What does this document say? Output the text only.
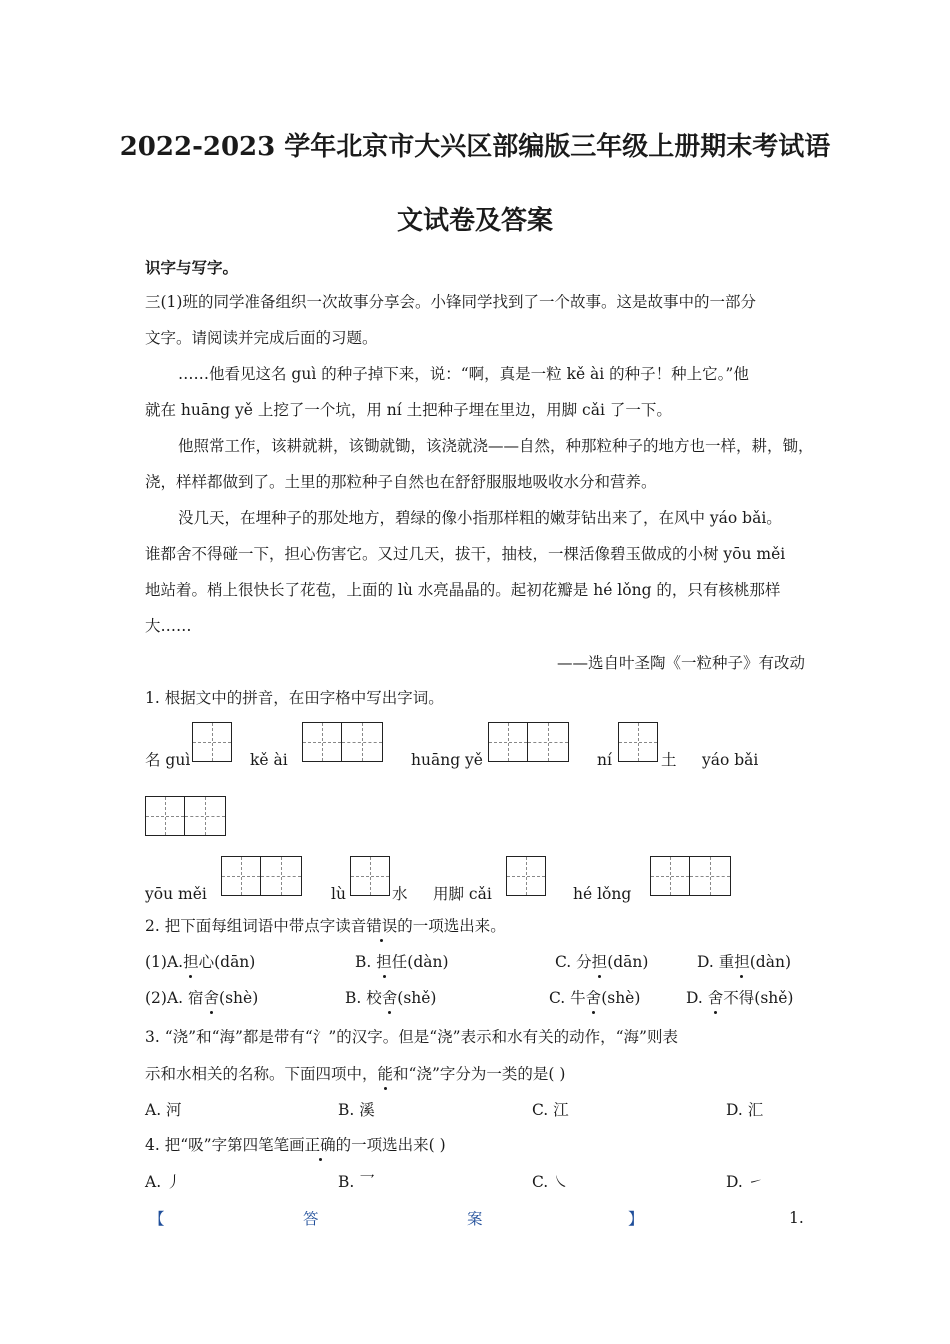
2022-2023 学年北京市大兴区部编版三年级上册期末考试语
文试卷及答案
识字与写字。
三(1)班的同学准备组织一次故事分享会。小锋同学找到了一个故事。这是故事中的一部分
文字。请阅读并完成后面的习题。
……他看见这名 guì 的种子掉下来，说：“啊，真是一粒 kě ài 的种子！种上它。”他
就在 huāng yě 上挖了一个坑，用 ní 土把种子埋在里边，用脚 cǎi 了一下。
他照常工作，该耕就耕，该锄就锄，该浇就浇——自然，种那粒种子的地方也一样，耕，锄，
浇，样样都做到了。土里的那粒种子自然也在舒舒服服地吸收水分和营养。
没几天，在埋种子的那处地方，碧绿的像小指那样粗的嫩芽钻出来了，在风中 yáo bǎi。
谁都舍不得碰一下，担心伤害它。又过几天，拔干，抽枝，一棵活像碧玉做成的小树 yōu měi
地站着。梢上很快长了花苞，上面的 lù 水亮晶晶的。起初花瓣是 hé lǒng 的，只有核桃那样
大……
——选自叶圣陶《一粒种子》有改动
1. 根据文中的拼音，在田字格中写出字词。
名 guì	kě ài	huāng yě	ní	土 yáo bǎi
yōu měi	lù	水 用脚 cǎi	hé lǒng
2. 把下面每组词语中带点字读音错误的一项选出来。
(1)A.担心(dān)	B. 担任(dàn)	C. 分担(dān)	D. 重担(dàn)
(2)A. 宿舍(shè)	B. 校舍(shě)	C. 牛舍(shè)	D. 舍不得(shě)
3. “浇”和“海”都是带有“氵”的汉字。但是“浇”表示和水有关的动作，“海”则表
示和水相关的名称。下面四项中，能和“浇”字分为一类的是( )
A. 河	B. 溪	C. 江	D. 汇
4. 把“吸”字第四笔笔画正确的一项选出来( )
A. 丿	B. 乛	C. ㇏	D. ㇀
【	答	案	】	1.
